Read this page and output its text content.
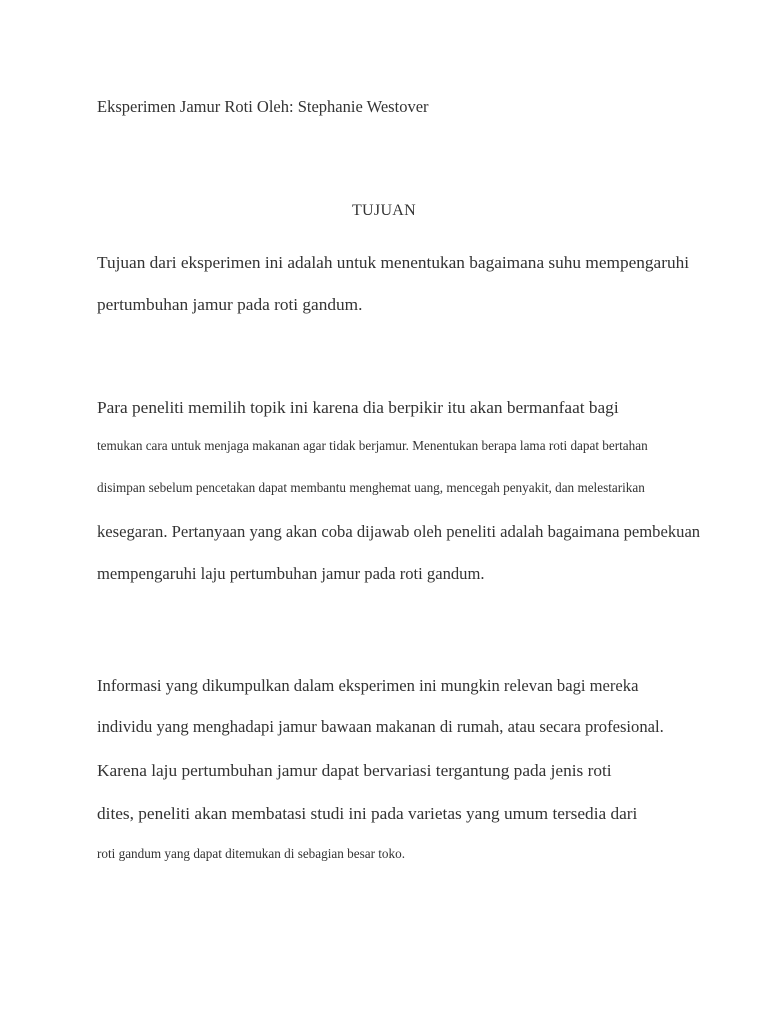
Eksperimen Jamur Roti Oleh: Stephanie Westover
TUJUAN
Tujuan dari eksperimen ini adalah untuk menentukan bagaimana suhu mempengaruhi
pertumbuhan jamur pada roti gandum.
Para peneliti memilih topik ini karena dia berpikir itu akan bermanfaat bagi
temukan cara untuk menjaga makanan agar tidak berjamur. Menentukan berapa lama roti dapat bertahan
disimpan sebelum pencetakan dapat membantu menghemat uang, mencegah penyakit, dan melestarikan
kesegaran. Pertanyaan yang akan coba dijawab oleh peneliti adalah bagaimana pembekuan
mempengaruhi laju pertumbuhan jamur pada roti gandum.
Informasi yang dikumpulkan dalam eksperimen ini mungkin relevan bagi mereka
individu yang menghadapi jamur bawaan makanan di rumah, atau secara profesional.
Karena laju pertumbuhan jamur dapat bervariasi tergantung pada jenis roti
dites, peneliti akan membatasi studi ini pada varietas yang umum tersedia dari
roti gandum yang dapat ditemukan di sebagian besar toko.
